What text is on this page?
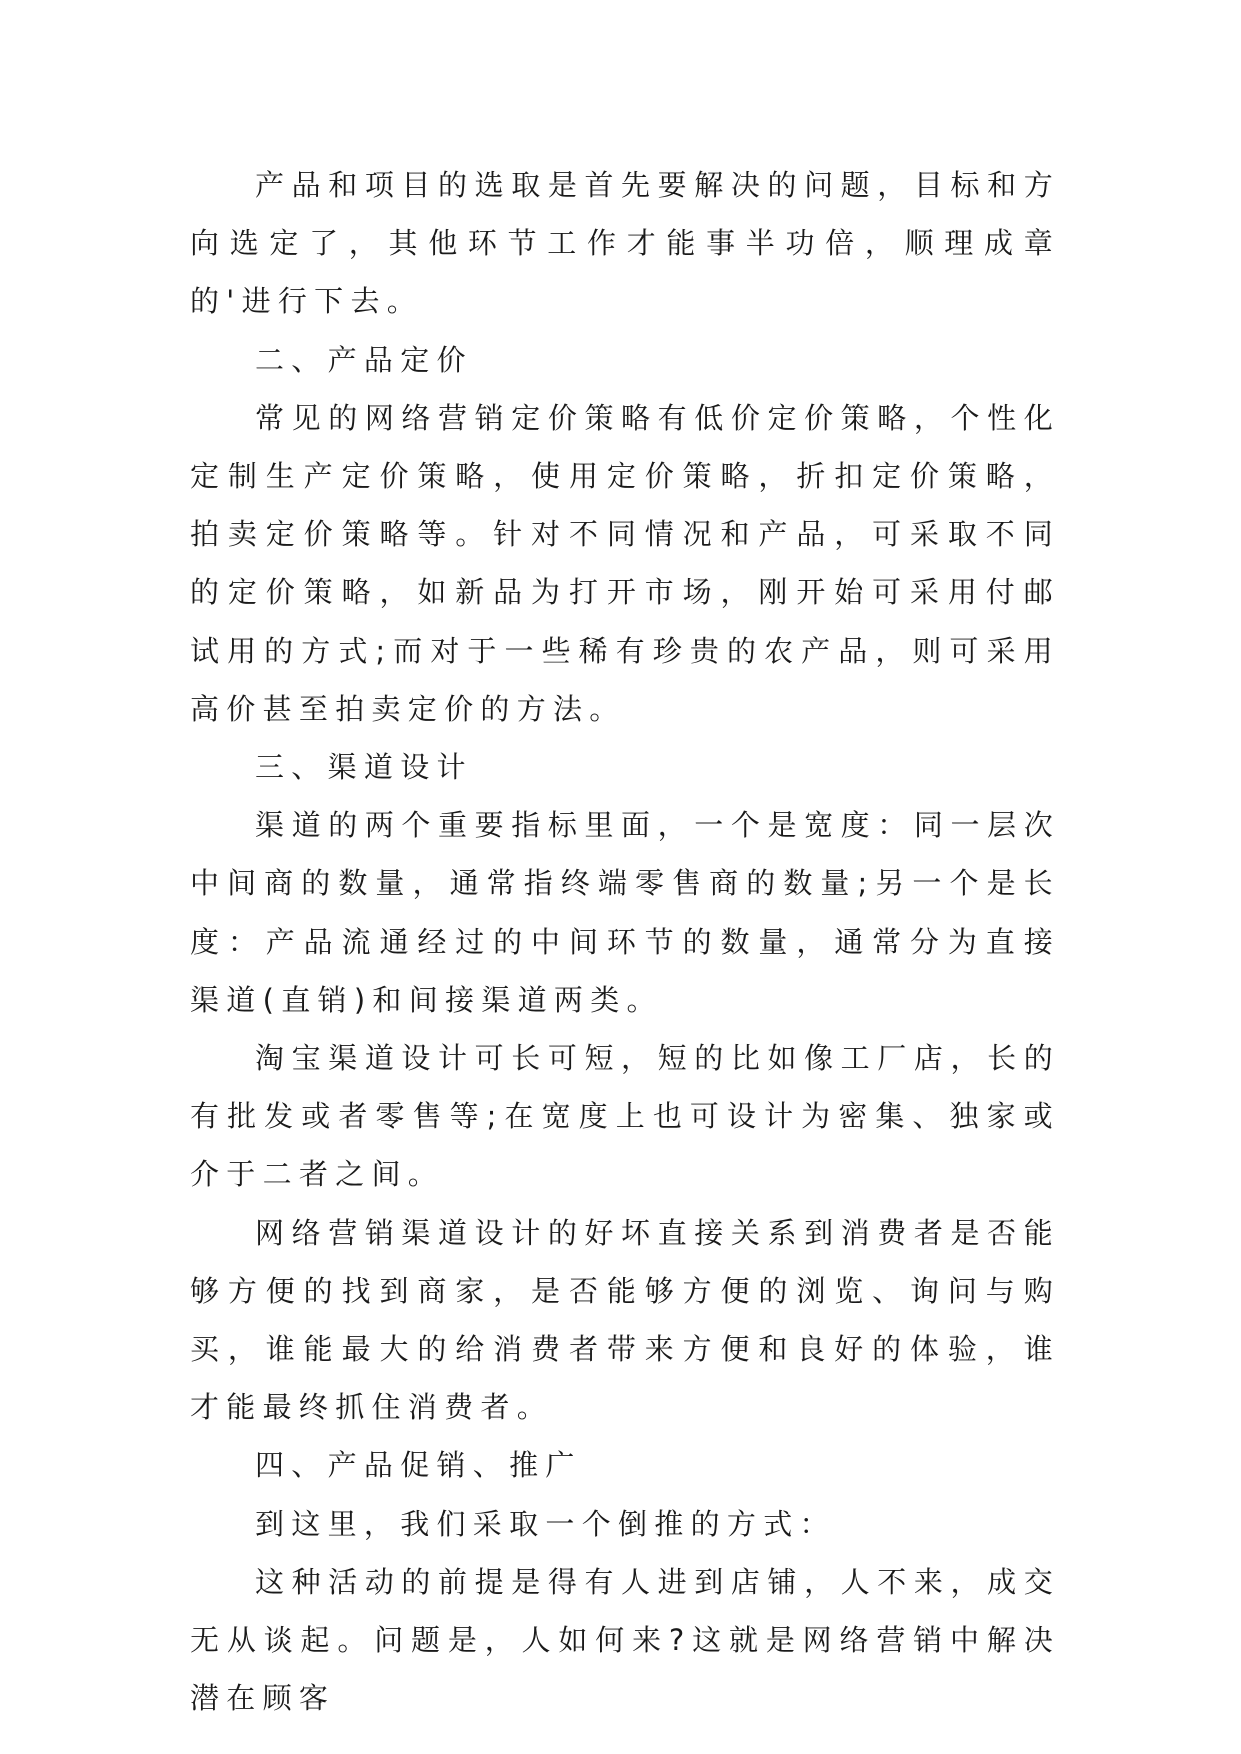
产品和项目的选取是首先要解决的问题，目标和方向选定了，其他环节工作才能事半功倍，顺理成章的'进行下去。

二、产品定价

常见的网络营销定价策略有低价定价策略，个性化定制生产定价策略，使用定价策略，折扣定价策略，拍卖定价策略等。针对不同情况和产品，可采取不同的定价策略，如新品为打开市场，刚开始可采用付邮试用的方式;而对于一些稀有珍贵的农产品，则可采用高价甚至拍卖定价的方法。

三、渠道设计

渠道的两个重要指标里面，一个是宽度：同一层次中间商的数量，通常指终端零售商的数量;另一个是长度：产品流通经过的中间环节的数量，通常分为直接渠道(直销)和间接渠道两类。

淘宝渠道设计可长可短，短的比如像工厂店，长的有批发或者零售等;在宽度上也可设计为密集、独家或介于二者之间。

网络营销渠道设计的好坏直接关系到消费者是否能够方便的找到商家，是否能够方便的浏览、询问与购买，谁能最大的给消费者带来方便和良好的体验，谁才能最终抓住消费者。

四、产品促销、推广

到这里，我们采取一个倒推的方式：

这种活动的前提是得有人进到店铺，人不来，成交无从谈起。问题是，人如何来?这就是网络营销中解决潜在顾客
